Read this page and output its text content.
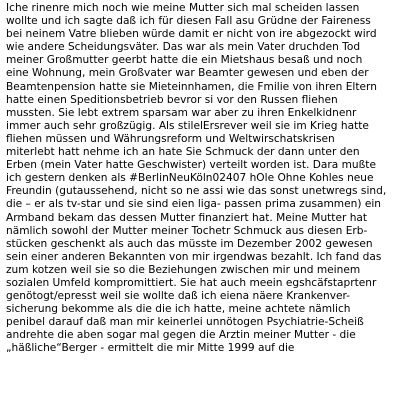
Iche rinenre mich noch wie meine Mutter sich mal scheiden lassen
wollte und ich sagte daß ich für diesen Fall asu Grüdne der Faireness
bei neinem Vatre blieben würde damit er nicht von ire abgezockt wird
wie andere Scheidungsväter. Das war als mein Vater druchden Tod
meiner Großmutter geerbt hatte die ein Mietshaus besaß und noch
eine Wohnung, mein Großvater war Beamter gewesen und eben der
Beamtenpension hatte sie Mieteinnhamen, die Fmilie von ihren Eltern
hatte einen Speditionsbetrieb bevror si vor den Russen fliehen
mussten. Sie lebt extrem sparsam war aber zu ihren Enkelkidnenr
immer auch sehr großzügig. Als stilelErsrever weil sie im Krieg hatte
fliehen müssen und Währungsreform und Weltwirschatskrisen
miterlebt hatt nehme ich an hate Sie Schmuck der dann unter den
Erben (mein Vater hatte Geschwister) verteilt worden ist. Dara mußte
ich gestern denken als #BerlinNeuKöln02407 hOle Ohne Kohles neue
Freundin (gutaussehend, nicht so ne assi wie das sonst unetwregs sind,
die – er als tv-star und sie sind eien liga- passen prima zusammen) ein
Armband bekam das dessen Mutter finanziert hat. Meine Mutter hat
nämlich sowohl der Mutter meiner Tochetr Schmuck aus diesen Erb-
stücken geschenkt als auch das müsste im Dezember 2002 gewesen
sein einer anderen Bekannten von mir irgendwas bezahlt. Ich fand das
zum kotzen weil sie so die Beziehungen zwischen mir und meinem
sozialen Umfeld kompromittiert. Sie hat auch meein egshcäfstaprtenr
genötogt/epresst weil sie wollte daß ich eiena näere Krankenver-
sicherung bekomme als die die ich hatte, meine achtete nämlich
penibel darauf daß man mir keinerlei unnötogen Psychiatrie-Scheiß
andrehte die aben sogar mal gegen die Ärztin meiner Mutter - die
„häßliche“Berger - ermittelt die mir Mitte 1999 auf die
